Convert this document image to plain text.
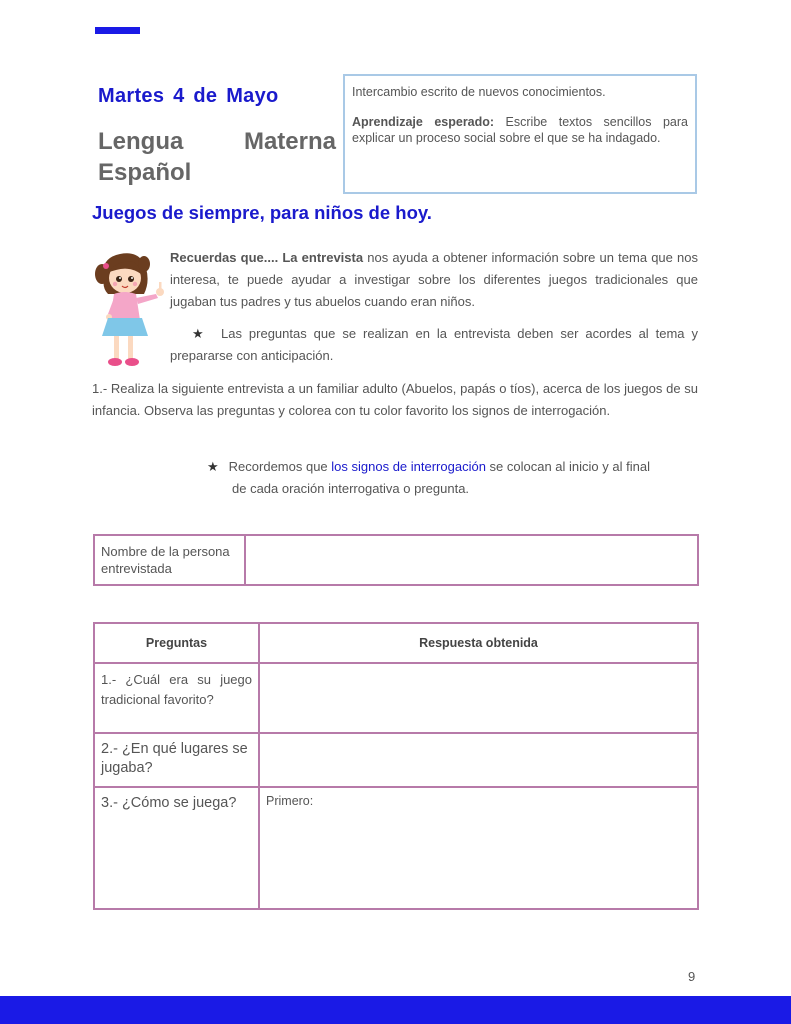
Martes 4 de Mayo
Lengua	Materna
Español

Intercambio escrito de nuevos conocimientos.

Aprendizaje esperado: Escribe textos sencillos para explicar un proceso social sobre el que se ha indagado.

Juegos de siempre, para niños de hoy.
Recuerdas que.... La entrevista nos ayuda a obtener información sobre un tema que nos interesa, te puede ayudar a investigar sobre los diferentes juegos tradicionales que jugaban tus padres y tus abuelos cuando eran niños.
★ Las preguntas que se realizan en la entrevista deben ser acordes al tema y prepararse con anticipación.
1.- Realiza la siguiente entrevista a un familiar adulto (Abuelos, papás o tíos), acerca de los juegos de su infancia. Observa las preguntas y colorea con tu color favorito los signos de interrogación.
★ Recordemos que los signos de interrogación se colocan al inicio y al final
de cada oración interrogativa o pregunta.
Nombre de la persona entrevistada	
Preguntas	Respuesta obtenida
1.- ¿Cuál era su juego tradicional favorito?	
2.- ¿En qué lugares se jugaba?	
3.- ¿Cómo se juega?	Primero:
9
